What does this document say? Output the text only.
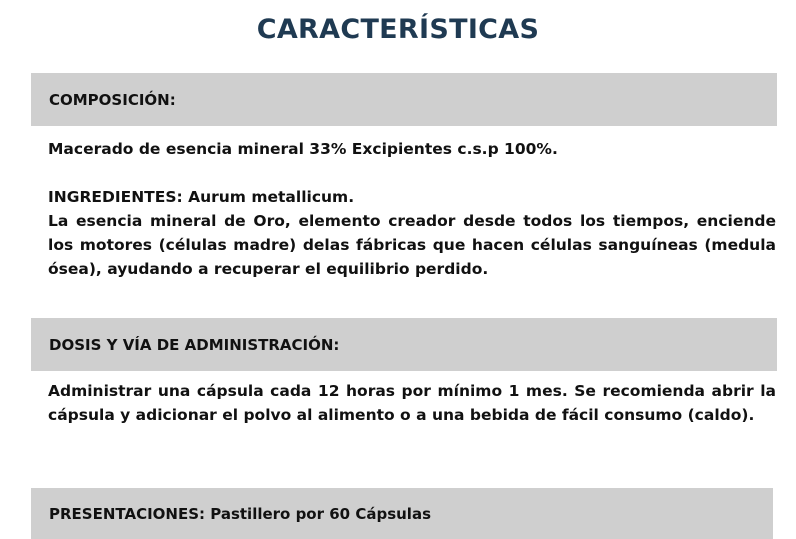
CARACTERÍSTICAS
COMPOSICIÓN:

Macerado de esencia mineral 33% Excipientes c.s.p 100%.

INGREDIENTES: Aurum metallicum.

La esencia mineral de Oro, elemento creador desde todos los tiempos, enciende los motores (células madre) delas fábricas que hacen células sanguíneas (medula ósea), ayudando a recuperar el equilibrio perdido.

DOSIS Y VÍA DE ADMINISTRACIÓN:

Administrar una cápsula cada 12 horas por mínimo 1 mes. Se recomienda abrir la cápsula y adicionar el polvo al alimento o a una bebida de fácil consumo (caldo).

PRESENTACIONES: Pastillero por 60 Cápsulas
